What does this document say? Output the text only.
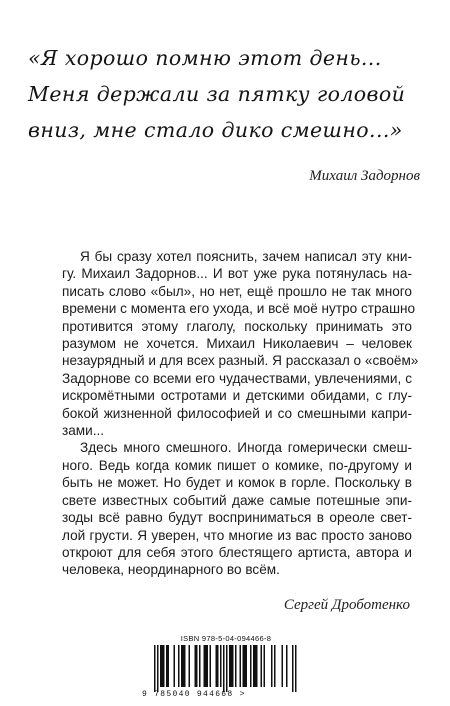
«Я хорошо помню этот день...
Меня держали за пятку головой
вниз, мне стало дико смешно...»
Михаил Задорнов
Я бы сразу хотел пояснить, зачем написал эту кни-
гу. Михаил Задорнов... И вот уже рука потянулась на-
писать слово «был», но нет, ещё прошло не так много
времени с момента его ухода, и всё моё нутро страшно
противится этому глаголу, поскольку принимать это
разумом не хочется. Михаил Николаевич – человек
незаурядный и для всех разный. Я рассказал о «своём»
Задорнове со всеми его чудачествами, увлечениями, с
искромётными остротами и детскими обидами, с глу-
бокой жизненной философией и со смешными капри-
зами...
Здесь много смешного. Иногда гомерически смеш-
ного. Ведь когда комик пишет о комике, по-другому и
быть не может. Но будет и комок в горле. Поскольку в
свете известных событий даже самые потешные эпи-
зоды всё равно будут восприниматься в ореоле свет-
лой грусти. Я уверен, что многие из вас просто заново
откроют для себя этого блестящего артиста, автора и
человека, неординарного во всём.
Сергей Дроботенко
ISBN 978-5-04-094466-8
9 785040 944668 >
